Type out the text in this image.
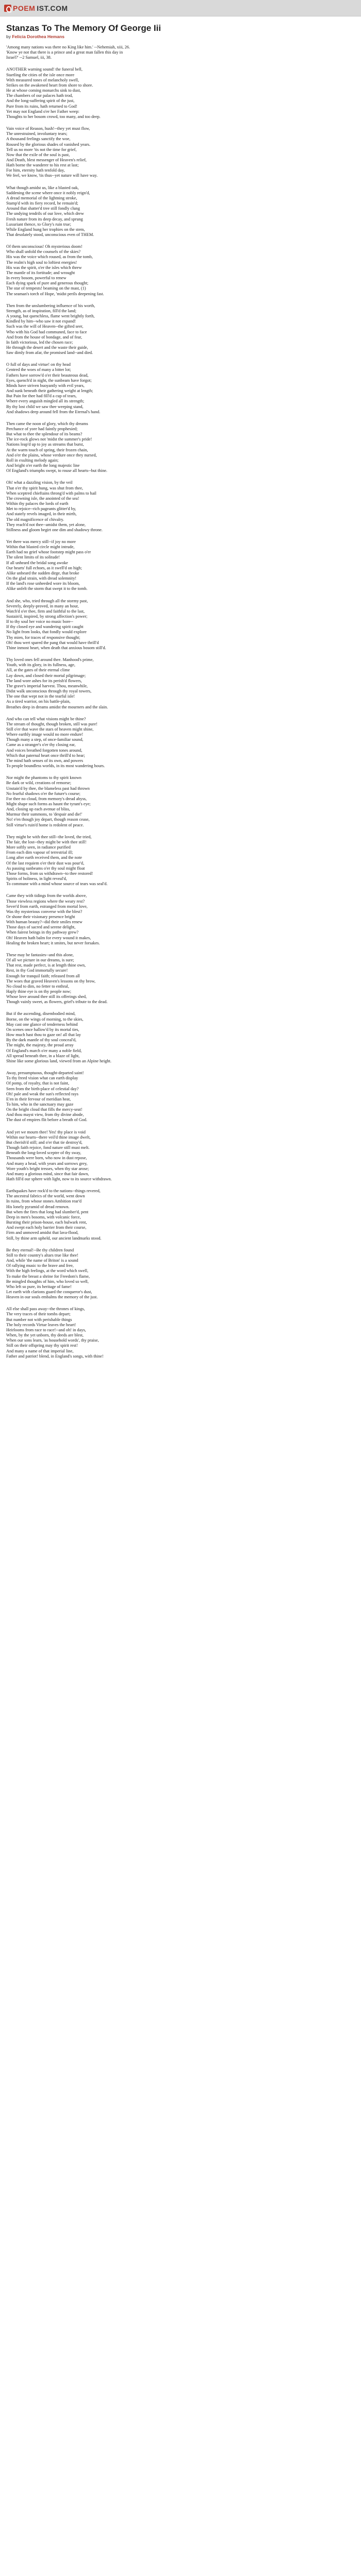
POEM IST.COM
Stanzas To The Memory Of George Iii
by Felicia Dorothea Hemans
'Among many nations was there no King like him.' --Nehemiah, xiii, 26.
'Know ye not that there is a prince and a great man fallen this day in
Israel?' --2 Samuel, iii, 38.
ANOTHER warning sound! the funeral bell,
Startling the cities of the isle once more
With measured tones of melancholy swell,
Strikes on the awakened heart from shore to shore.
He at whose coming monarchs sink to dust,
The chambers of our palaces hath trod,
And the long-suffering spirit of the just,
Pure from its ruins, hath returned to God!
Yet may not England o'er her Father weep:
Thoughts to her bosom crowd, too many, and too deep.
Vain voice of Reason, hush!--they yet must flow,
The unrestrained, involuntary tears;
A thousand feelings sanctify the woe,
Roused by the glorious shades of vanished years.
Tell us no more 'tis not the time for grief,
Now that the exile of the soul is past,
And Death, blest messenger of Heaven's relief,
Hath borne the wanderer to his rest at last;
For him, eternity hath tenfold day,
We feel, we know, 'tis thus--yet nature will have way.
What though amidst us, like a blasted oak,
Saddening the scene where once it nobly reign'd,
A dread memorial of the lightning stroke,
Stamp'd with its fiery record, he remain'd;
Around that shatter'd tree still fondly clung
The undying tendrils of our love, which drew
Fresh nature from its deep decay, and sprung
Luxuriant thence, to Glory's ruin true;
While England hung her trophies on the stem,
That desolately stood, unconscious even of THEM.
Of them unconscious! Oh mysterious doom!
Who shall unfold the counsels of the skies?
His was the voice which roused, as from the tomb,
The realm's high soul to loftiest energies!
His was the spirit, o'er the isles which threw
The mantle of its fortitude; and wrought
In every bosom, powerful to renew
Each dying spark of pure and generous thought;
The star of tempests! beaming on the mast, (1)
The seaman's torch of Hope, 'midst perils deepening fast.
Then from the unslumbering influence of his worth,
Strength, as of inspiration, fill'd the land;
A young, but quenchless, flame went brightly forth,
Kindled by him--who saw it not expand!
Such was the will of Heaven--the gifted seer,
Who with his God had communed, face to face
And from the house of bondage, and of fear,
In faith victorious, led the chosen race;
He through the desert and the waste their guide,
Saw dimly from afar, the promised land--and died.
O full of days and virtue! on thy head
Centred the woes of many a bitter lot;
Fathers have sorrow'd o'er their beauteous dead,
Eyes, quench'd in night, the sunbeam have forgot;
Minds have striven buoyantly with evil years,
And sunk beneath their gathering weight at length;
But Pain for thee had fill'd a cup of tears,
Where every anguish mingled all its strength;
By thy lost child we saw thee weeping stand,
And shadows deep around fell from the Eternal's hand.
Then came the noon of glory, which thy dreams
Perchance of yore had faintly prophesied;
But what to thee the splendour of its beams?
The ice-rock glows not 'midst the summer's pride!
Nations leap'd up to joy as streams that burst,
At the warm touch of spring, their frozen chain,
And o'er the plains, whose verdure once they nursed,
Roll in exulting melody again;
And bright o'er earth the long majestic line
Of England's triumphs swept, to rouse all hearts--but thine.
Oh! what a dazzling vision, by the veil
That o'er thy spirit hung, was shut from thee,
When sceptred chieftains throng'd with palms to hail
The crowning isle, the anointed of the sea!
Within thy palaces the lords of earth
Met to rejoice--rich pageants glitter'd by,
And stately revels imaged, in their mirth,
The old magnificence of chivalry.
They reach'd not thee--amidst them, yet alone,
Stillness and gloom begirt one dim and shadowy throne.
Yet there was mercy still--if joy no more
Within that blasted circle might intrude,
Earth had no grief whose footstep might pass o'er
The silent limits of its solitude!
If all unheard the bridal song awoke
Our hearts' full echoes, as it swell'd on high;
Alike unheard the sudden dirge, that broke
On the glad strain, with dread solemnity!
If the land's rose unheeded wore its bloom,
Alike unfelt the storm that swept it to the tomb.
And she, who, tried through all the stormy past,
Severely, deeply-proved, in many an hour,
Watch'd o'er thee, firm and faithful to the last,
Sustain'd, inspired, by strong affection's power;
If to thy soul her voice no music bore--
If thy closed eye and wandering spirit caught
No light from looks, that fondly would explore
Thy mien, for traces of responsive thought;
Oh! thou wert spared the pang that would have thrill'd
Thine inmost heart, when death that anxious bosom still'd.
Thy loved ones fell around thee. Manhood's prime,
Youth, with its glory, in its fullness, age,
All, at the gates of their eternal clime
Lay down, and closed their mortal pilgrimage;
The land wore ashes for its perish'd flowers,
The grave's imperial harvest. Thou, meanwhile,
Didst walk unconscious through thy royal towers,
The one that wept not in the tearful isle!
As a tired warrior, on his battle-plain,
Breathes deep in dreams amidst the mourners and the slain.
And who can tell what visions might be thine?
The stream of thought, though broken, still was pure!
Still o'er that wave the stars of heaven might shine,
Where earthly image would no more endure!
Though many a step, of once-familiar sound,
Came as a stranger's o'er thy closing ear,
And voices breathed forgotten tones around,
Which that paternal heart once thrill'd to hear;
The mind hath senses of its own, and powers
To people boundless worlds, in its most wandering hours.
Nor might the phantoms to thy spirit known
Be dark or wild, creations of remorse;
Unstain'd by thee, the blameless past had thrown
No fearful shadows o'er the future's course;
For thee no cloud, from memory's dread abyss,
Might shape such forms as haunt the tyrant's eye;
And, closing up each avenue of bliss,
Murmur their summons, to 'despair and die!'
No! e'en though joy depart, though reason cease,
Still virtue's ruin'd home is redolent of peace.
They might be with thee still--the loved, the tried,
The fair, the lost--they might be with thee still!
More softly seen, in radiance purified
From each dim vapour of terrestrial ill;
Long after earth received them, and the note
Of the last requiem o'er their dust was pour'd,
As passing sunbeams o'er thy soul might float
Those forms, from us withdrawn--to thee restored!
Spirits of holiness, in light reveal'd,
To commune with a mind whose source of tears was seal'd.
Came they with tidings from the worlds above,
Those viewless regions where the weary rest?
Sever'd from earth, estranged from mortal love,
Was thy mysterious converse with the blest?
Or shone their visionary presence bright
With human beauty?--did their smiles renew
Those days of sacred and serene delight,
When fairest beings in thy pathway grew?
Oh! Heaven hath balm for every wound it makes,
Healing the broken heart; it smites, but never forsakes.
These may be fantasies--and this alone,
Of all we picture in our dreams, is sure;
That rest, made perfect, is at length thine own,
Rest, in thy God immortally secure!
Enough for tranquil faith; released from all
The woes that graved Heaven's lessons on thy brow,
No cloud to dim, no fetter to enthral,
Haply thine eye is on thy people now;
Whose love around thee still its offerings shed,
Though vainly sweet, as flowers, grief's tribute to the dead.
But if the ascending, disembodied mind,
Borne, on the wings of morning, to the skies,
May cast one glance of tenderness behind
On scenes once hallow'd by its mortal ties,
How much hast thou to gaze on! all that lay
By the dark mantle of thy soul conceal'd,
The might, the majesty, the proud array
Of England's march o'er many a noble field,
All spread beneath thee, in a blaze of light,
Shine like some glorious land, viewed from an Alpine height.
Away, presumptuous, thought-departed saint!
To thy freed vision what can earth display
Of pomp, of royalty, that is not faint,
Seen from the birth-place of celestial day?
Oh! pale and weak the sun's reflected rays
E'en in their fervour of meridian heat,
To him, who in the sanctuary may gaze
On the bright cloud that fills the mercy-seat!
And thou mayst view, from thy divine abode,
The dust of empires flit before a breath of God.
And yet we mourn thee! Yes! thy place is void
Within our hearts--there veil'd thine image dwelt,
But cherish'd still; and o'er that tie destroy'd,
Though faith rejoice, fond nature still must melt.
Beneath the long-loved sceptre of thy sway,
Thousands were born, who now in dust repose,
And many a head, with years and sorrows grey,
Wore youth's bright tresses, when thy star arose;
And many a glorious mind, since that fair dawn,
Hath fill'd our sphere with light, now to its source withdrawn.
Earthquakes have rock'd to the nations--things revered,
The ancestral fabrics of the world, went down
In ruins, from whose stones Ambition rear'd
His lonely pyramid of dread renown.
But when the fires that long had slumber'd, pent
Deep in men's bosoms, with volcanic force,
Bursting their prison-house, each bulwark rent,
And swept each holy barrier from their course,
Firm and unmoved amidst that lava-flood,
Still, by thine arm upheld, our ancient landmarks stood.
Be they eternal!--Be thy children found
Still to their country's altars true like thee!
And, while 'the name of Briton' is a sound
Of rallying music to the brave and free,
With the high feelings, at the word which swell,
To make the breast a shrine for Freedom's flame,
Be mingled thoughts of him, who loved so well,
Who left so pure, its heritage of fame!
Let earth with clarions guard the conqueror's dust,
Heaven in our souls embalms the memory of the just.
All else shall pass away--the thrones of kings,
The very traces of their tombs depart;
But number not with perishable things
The holy records Virtue leaves the heart!
Heirlooms from race to race!--and oh! in days,
When, by the yet unborn, thy deeds are blest,
When our sons learn, 'as household words', thy praise,
Still on their offspring may thy spirit rest!
And many a name of that imperial line,
Father and patriot! blend, in England's songs, with thine!
